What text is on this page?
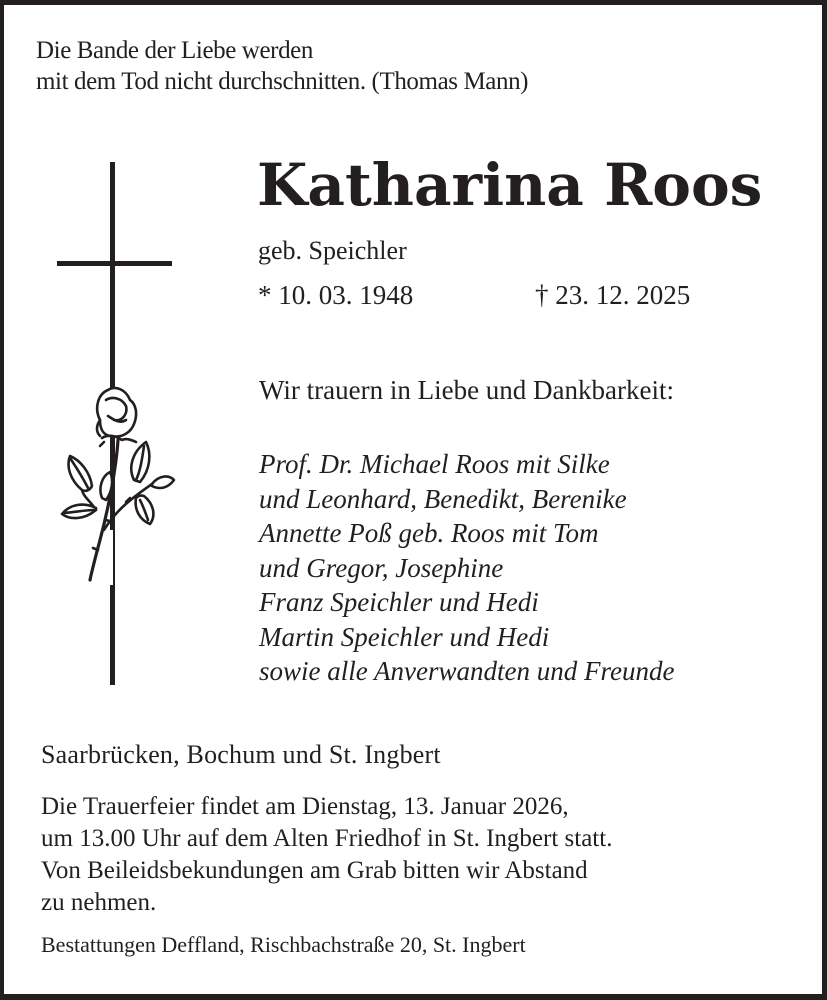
Die Bande der Liebe werden
mit dem Tod nicht durchschnitten. (Thomas Mann)
Katharina Roos
geb. Speichler
* 10. 03. 1948	† 23. 12. 2025
Wir trauern in Liebe und Dankbarkeit:
Prof. Dr. Michael Roos mit Silke
und Leonhard, Benedikt, Berenike
Annette Poß geb. Roos mit Tom
und Gregor, Josephine
Franz Speichler und Hedi
Martin Speichler und Hedi
sowie alle Anverwandten und Freunde
Saarbrücken, Bochum und St. Ingbert
Die Trauerfeier findet am Dienstag, 13. Januar 2026,
um 13.00 Uhr auf dem Alten Friedhof in St. Ingbert statt.
Von Beileidsbekundungen am Grab bitten wir Abstand
zu nehmen.
Bestattungen Deffland, Rischbachstraße 20, St. Ingbert
